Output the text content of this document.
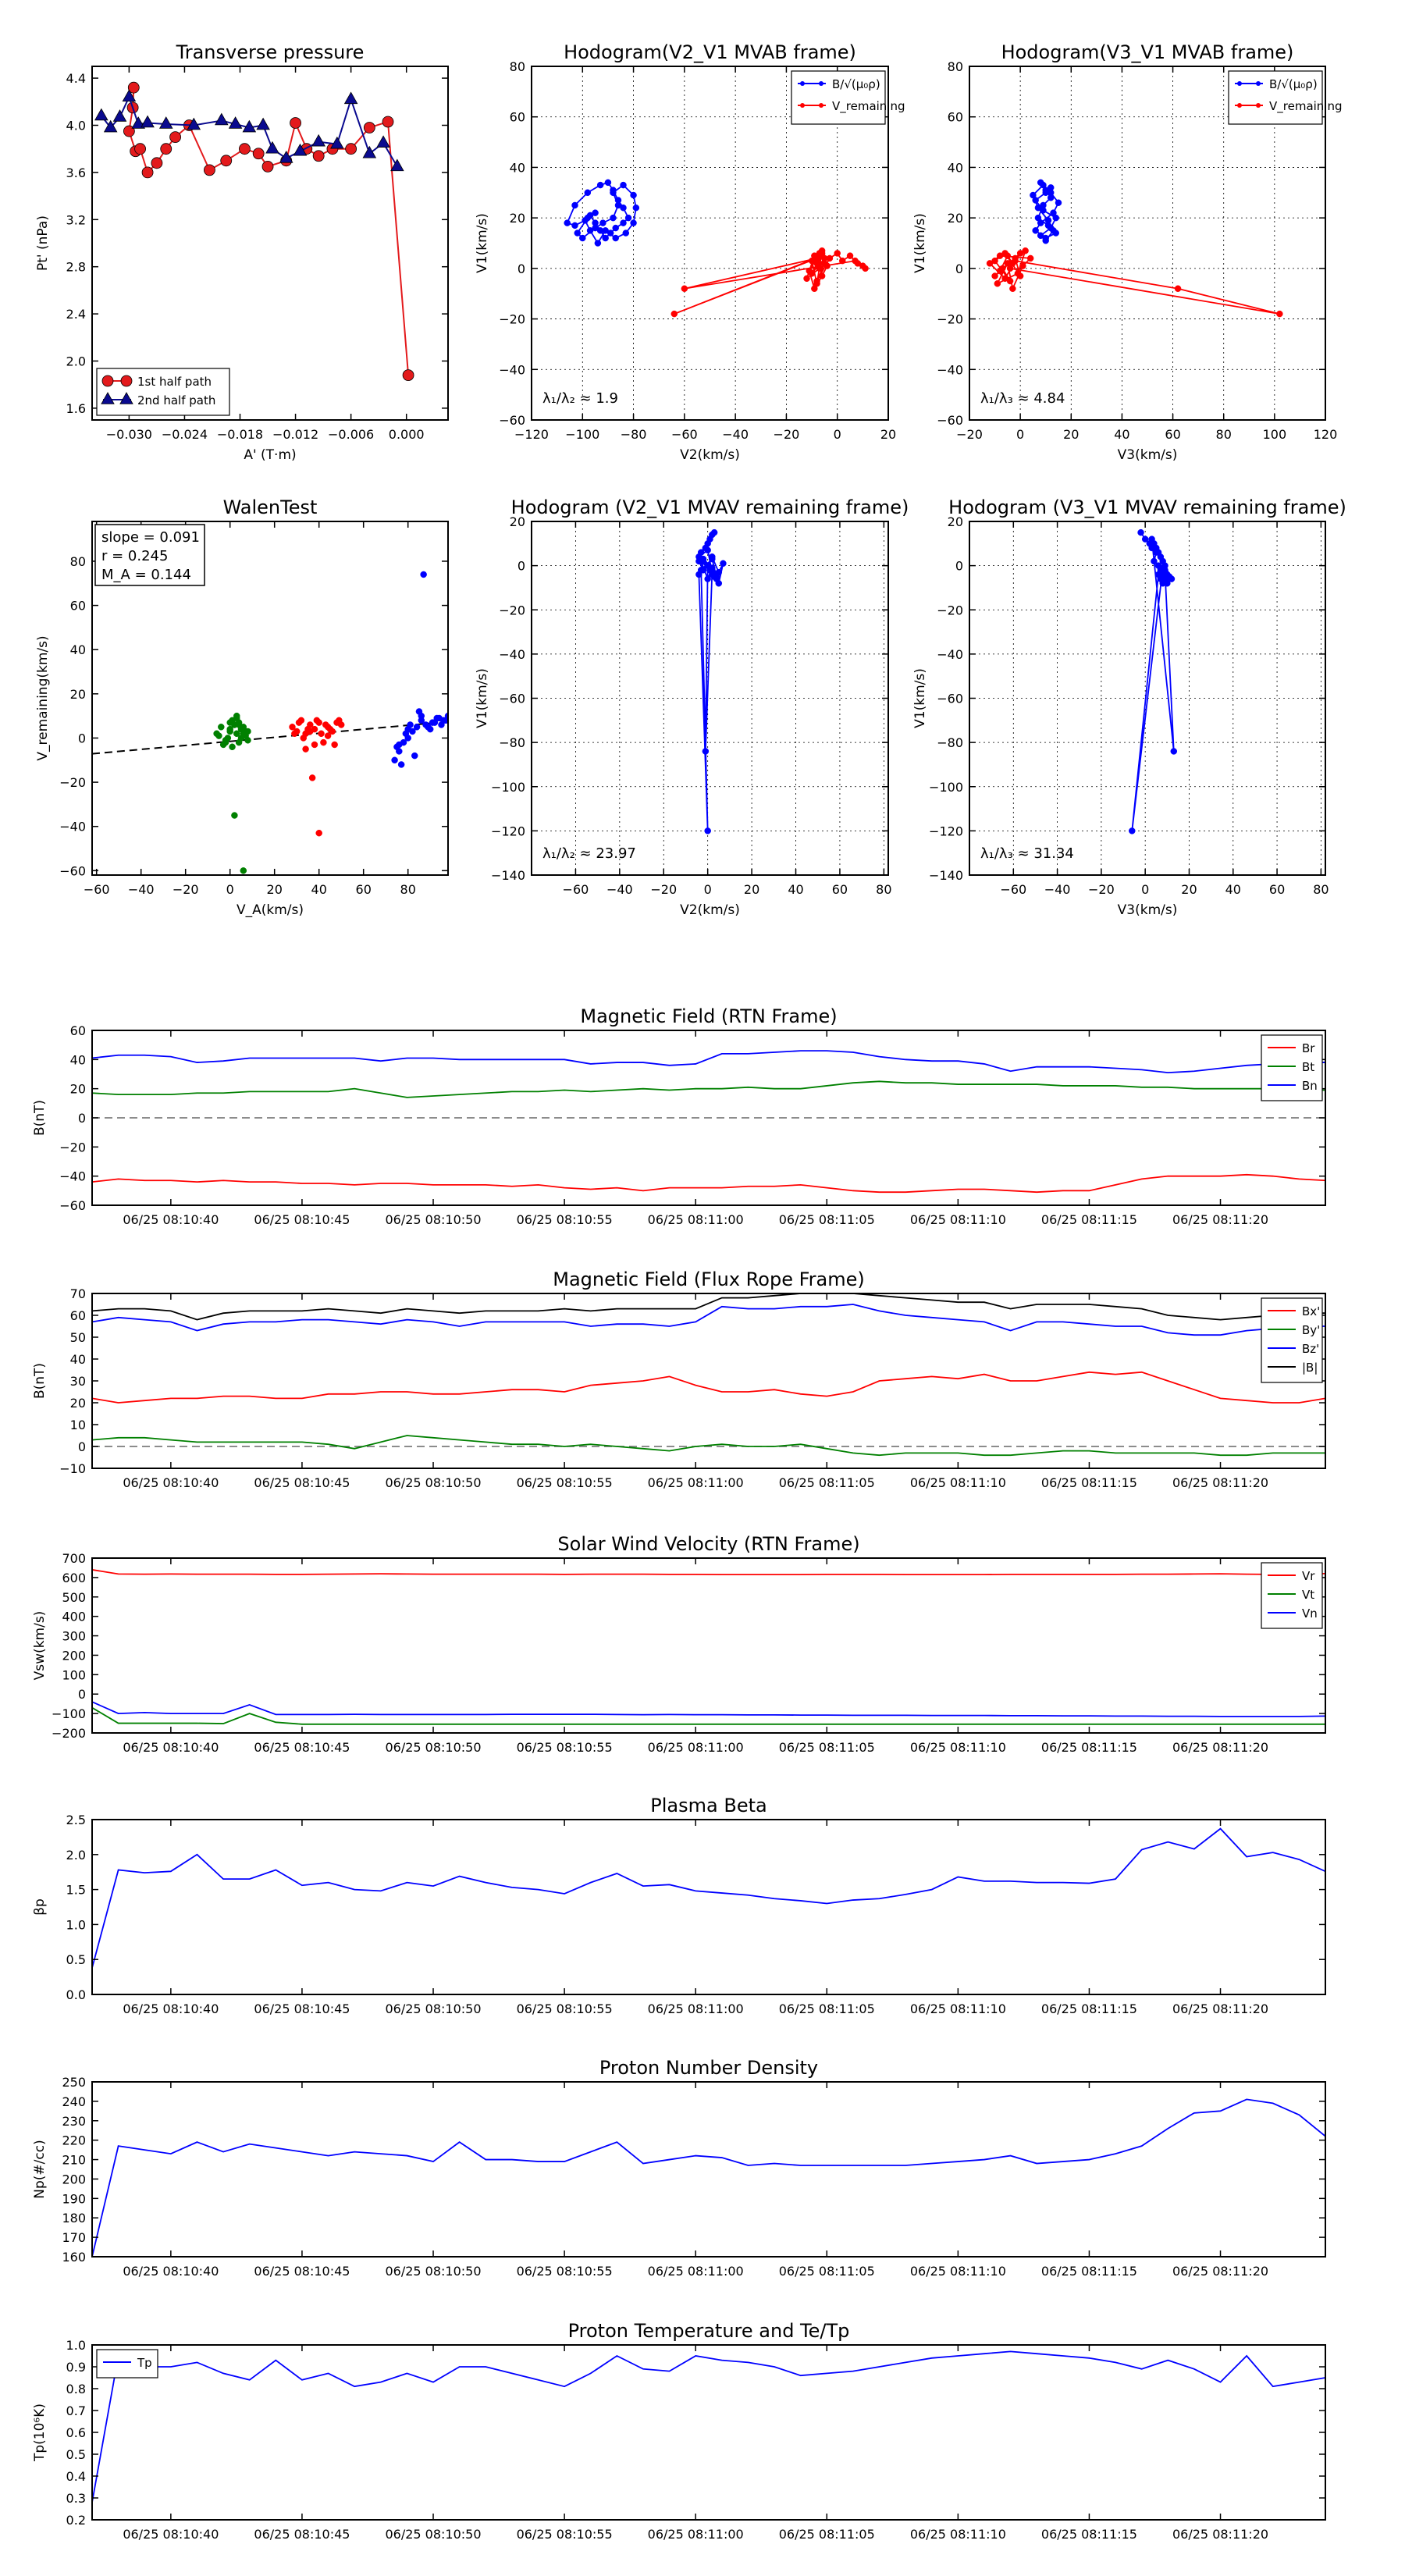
−0.030 −0.024 −0.018 −0.012 −0.006 0.000
1.6
2.0
2.4
2.8
3.2
3.6
4.0
4.4
Transverse pressure
A' (T·m)
Pt' (nPa)
1st half path
2nd half path
−120 −100 −80 −60 −40 −20	0	20
−60
−40
−20
0
20
40
60
80
Hodogram(V2_V1 MVAB frame)
V2(km/s)
V1(km/s)
λ₁/λ₂ ≈ 1.9
B/√(μ₀ρ)
V_remaining
−20	0	20	40	60	80 100 120
−60
−40
−20
0
20
40
60
80
Hodogram(V3_V1 MVAB frame)
V3(km/s)
V1(km/s)
λ₁/λ₃ ≈ 4.84
B/√(μ₀ρ)
V_remaining
−60 −40 −20 0	20 40 60 80
−60
−40
−20
0
20
40
60
80
WalenTest
V_A(km/s)
V_remaining(km/s)
slope = 0.091
r = 0.245
M_A = 0.144
−60 −40 −20 0	20 40 60 80
−140
−120
−100
−80
−60
−40
−20
0
20
Hodogram (V2_V1 MVAV remaining frame)
V2(km/s)
V1(km/s)
λ₁/λ₂ ≈ 23.97
−60 −40 −20 0	20 40 60 80
−140
−120
−100
−80
−60
−40
−20
0
20
Hodogram (V3_V1 MVAV remaining frame)
V3(km/s)
V1(km/s)
λ₁/λ₃ ≈ 31.34
06/25 08:10:40	06/25 08:10:45	06/25 08:10:50	06/25 08:10:55	06/25 08:11:00	06/25 08:11:05	06/25 08:11:10	06/25 08:11:15	06/25 08:11:20
−60
−40
−20
0
20
40
60
Magnetic Field (RTN Frame)
B(nT)
Br
Bt
Bn
06/25 08:10:40	06/25 08:10:45	06/25 08:10:50	06/25 08:10:55	06/25 08:11:00	06/25 08:11:05	06/25 08:11:10	06/25 08:11:15	06/25 08:11:20
−10
0
10
20
30
40
50
60
70
Magnetic Field (Flux Rope Frame)
B(nT)
Bx'
By'
Bz'
|B|
06/25 08:10:40	06/25 08:10:45	06/25 08:10:50	06/25 08:10:55	06/25 08:11:00	06/25 08:11:05	06/25 08:11:10	06/25 08:11:15	06/25 08:11:20
−200
−100
0
100
200
300
400
500
600
700
Solar Wind Velocity (RTN Frame)
Vsw(km/s)
Vr
Vt
Vn
06/25 08:10:40	06/25 08:10:45	06/25 08:10:50	06/25 08:10:55	06/25 08:11:00	06/25 08:11:05	06/25 08:11:10	06/25 08:11:15	06/25 08:11:20
0.0
0.5
1.0
1.5
2.0
2.5
Plasma Beta
βp
06/25 08:10:40	06/25 08:10:45	06/25 08:10:50	06/25 08:10:55	06/25 08:11:00	06/25 08:11:05	06/25 08:11:10	06/25 08:11:15	06/25 08:11:20
160
170
180
190
200
210
220
230
240
250
Proton Number Density
Np(#/cc)
06/25 08:10:40	06/25 08:10:45	06/25 08:10:50	06/25 08:10:55	06/25 08:11:00	06/25 08:11:05	06/25 08:11:10	06/25 08:11:15	06/25 08:11:20
0.2
0.3
0.4
0.5
0.6
0.7
0.8
0.9
1.0
Proton Temperature and Te/Tp
Tp(10⁶K)
Tp
